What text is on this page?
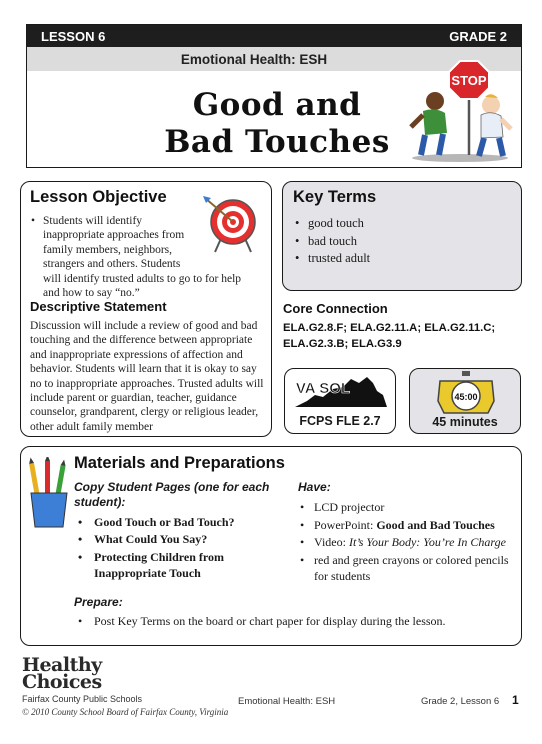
LESSON 6	GRADE 2
Emotional Health: ESH
Good and
Bad Touches
STOP
Lesson Objective
• Students will identify
inappropriate approaches from
family members, neighbors,
strangers and others. Students
will identify trusted adults to go to for help
and how to say “no.”
Descriptive Statement
Discussion will include a review of good and bad touching and the difference between appropriate and inappropriate expressions of affection and behavior. Students will learn that it is okay to say no to inappropriate approaches. Trusted adults will include parent or guardian, teacher, guidance counselor, grandparent, clergy or religious leader, other adult family member
Key Terms
• good touch
• bad touch
• trusted adult
Core Connection
ELA.G2.8.F; ELA.G2.11.A; ELA.G2.11.C;
ELA.G2.3.B; ELA.G3.9
VA SOL
FCPS FLE 2.7
45:00
45 minutes
Materials and Preparations
Copy Student Pages (one for each student):
• Good Touch or Bad Touch?
• What Could You Say?
• Protecting Children from Inappropriate Touch
Have:
• LCD projector
• PowerPoint: Good and Bad Touches
• Video: It’s Your Body: You’re In Charge
• red and green crayons or colored pencils for students
Prepare:
• Post Key Terms on the board or chart paper for display during the lesson.
Healthy
Choices
Fairfax County Public Schools
© 2010 County School Board of Fairfax County, Virginia
Emotional Health: ESH	Grade 2, Lesson 6 1
